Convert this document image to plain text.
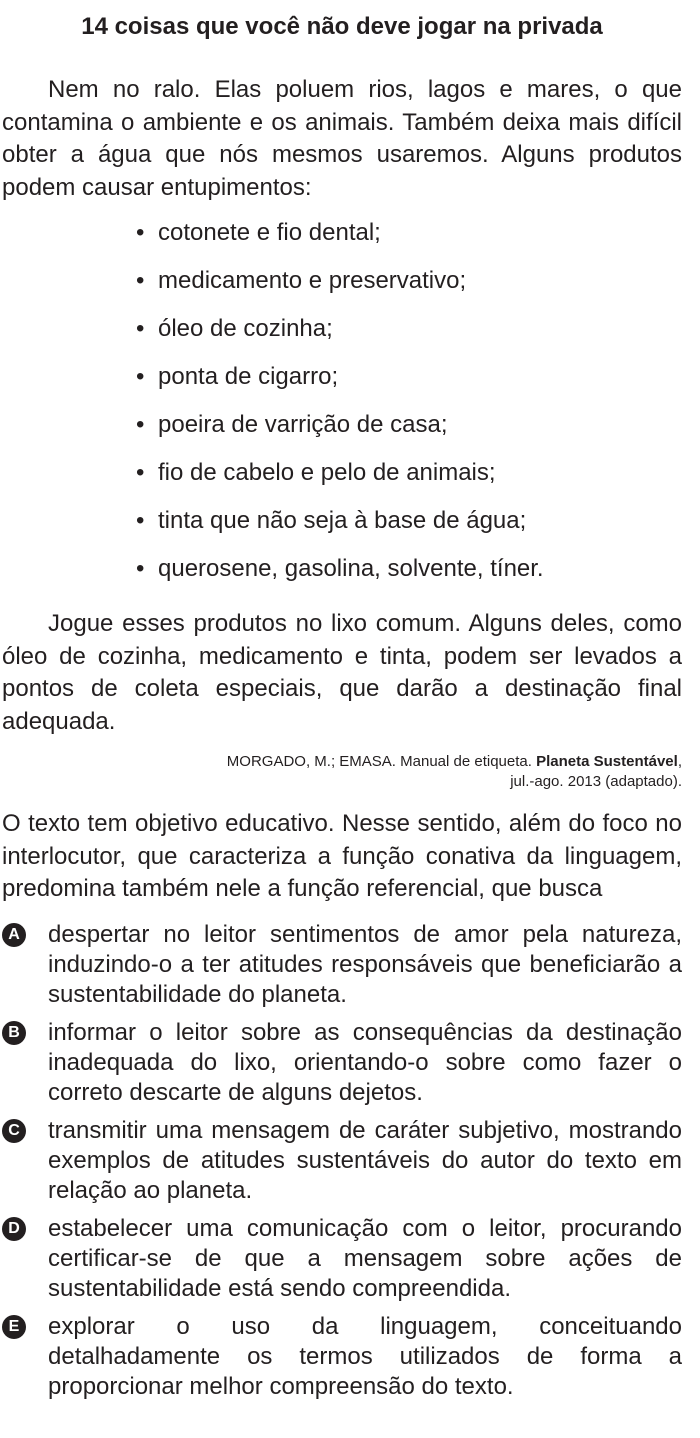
14 coisas que você não deve jogar na privada

Nem no ralo. Elas poluem rios, lagos e mares, o que contamina o ambiente e os animais. Também deixa mais difícil obter a água que nós mesmos usaremos. Alguns produtos podem causar entupimentos:

• cotonete e fio dental;
• medicamento e preservativo;
• óleo de cozinha;
• ponta de cigarro;
• poeira de varrição de casa;
• fio de cabelo e pelo de animais;
• tinta que não seja à base de água;
• querosene, gasolina, solvente, tíner.

Jogue esses produtos no lixo comum. Alguns deles, como óleo de cozinha, medicamento e tinta, podem ser levados a pontos de coleta especiais, que darão a destinação final adequada.

MORGADO, M.; EMASA. Manual de etiqueta. Planeta Sustentável,
jul.-ago. 2013 (adaptado).

O texto tem objetivo educativo. Nesse sentido, além do foco no interlocutor, que caracteriza a função conativa da linguagem, predomina também nele a função referencial, que busca

A despertar no leitor sentimentos de amor pela natureza, induzindo-o a ter atitudes responsáveis que beneficiarão a sustentabilidade do planeta.
B informar o leitor sobre as consequências da destinação inadequada do lixo, orientando-o sobre como fazer o correto descarte de alguns dejetos.
C transmitir uma mensagem de caráter subjetivo, mostrando exemplos de atitudes sustentáveis do autor do texto em relação ao planeta.
D estabelecer uma comunicação com o leitor, procurando certificar-se de que a mensagem sobre ações de sustentabilidade está sendo compreendida.
E explorar o uso da linguagem, conceituando detalhadamente os termos utilizados de forma a proporcionar melhor compreensão do texto.
